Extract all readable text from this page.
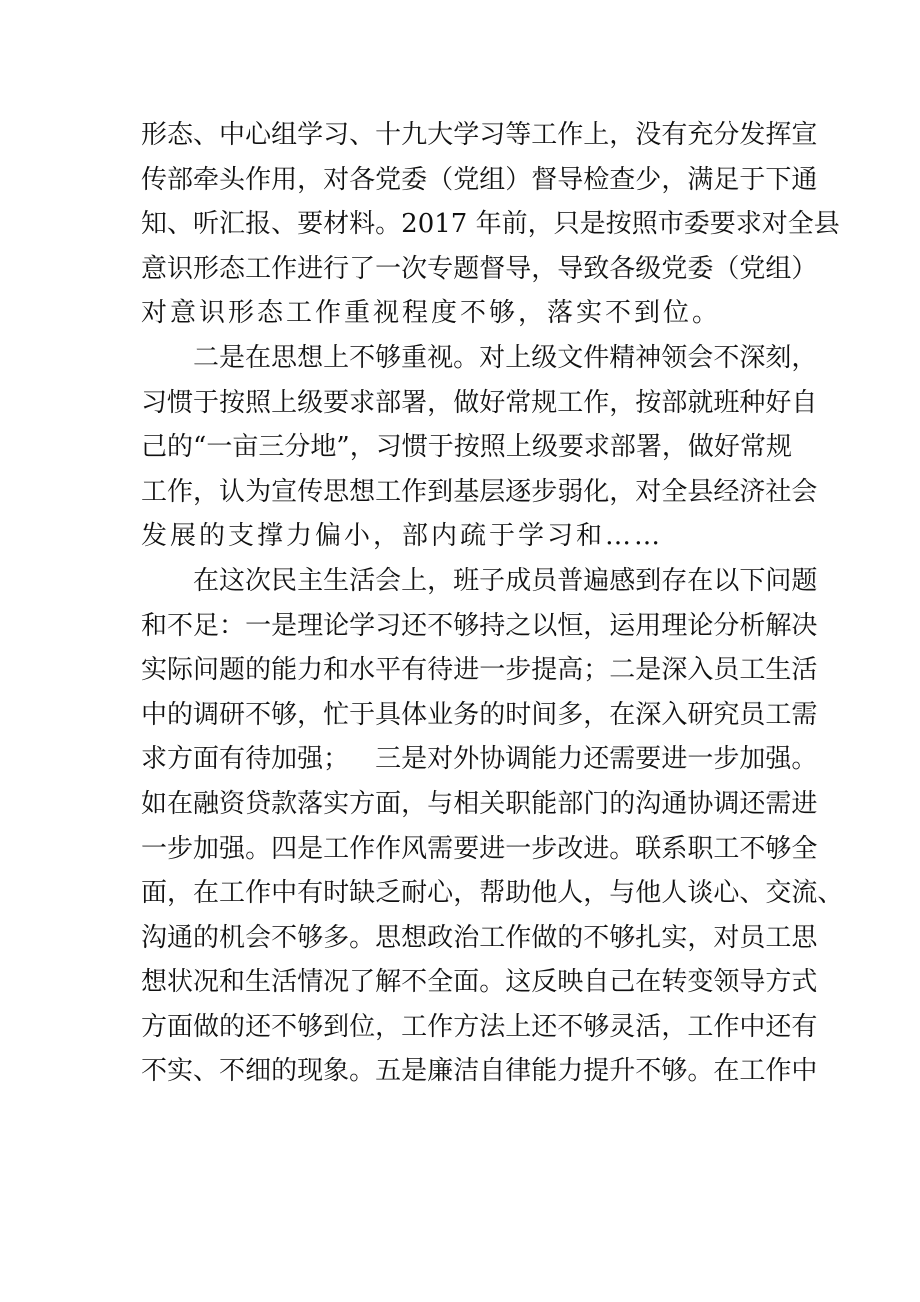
形 态 、 中 心 组 学 习 、 十 九 大 学 习 等 工 作 上 ， 没 有 充 分 发 挥 宣
传 部 牵 头 作 用 ， 对 各 党 委 （ 党 组 ） 督 导 检 查 少 ， 满 足 于 下 通
知 、 听 汇 报 、 要 材 料 。 2017
年 前 ， 只 是 按 照 市 委 要 求 对 全 县
意 识 形 态 工 作 进 行 了 一 次 专 题 督 导 ， 导 致 各 级 党 委 （ 党 组 ）
对意识形态工作重视程度不够，落实不到位。
二 是 在 思 想 上 不 够 重 视 。 对 上 级 文 件 精 神 领 会 不 深 刻 ，
习 惯 于 按 照 上 级 要 求 部 署 ， 做 好 常 规 工 作 ， 按 部 就 班 种 好 自
己 的 “ 一 亩 三 分 地 ” ， 习 惯 于 按 照 上 级 要 求 部 署 ， 做 好 常 规
工 作 ， 认 为 宣 传 思 想 工 作 到 基 层 逐 步 弱 化 ， 对 全 县 经 济 社 会
发展的支撑力偏小，部内疏于学习和……
在 这 次 民 主 生 活 会 上 ， 班 子 成 员 普 遍 感 到 存 在 以 下 问 题
和 不 足 ： 一 是 理 论 学 习 还 不 够 持 之 以 恒 ， 运 用 理 论 分 析 解 决
实 际 问 题 的 能 力 和 水 平 有 待 进 一 步 提 高 ； 二 是 深 入 员 工 生 活
中 的 调 研 不 够 ， 忙 于 具 体 业 务 的 时 间 多 ， 在 深 入 研 究 员 工 需
求 方 面 有 待 加 强 ；
　 三 是 对 外 协 调 能 力 还 需 要 进 一 步 加 强 。
如 在 融 资 贷 款 落 实 方 面 ， 与 相 关 职 能 部 门 的 沟 通 协 调 还 需 进
一 步 加 强 。 四 是 工 作 作 风 需 要 进 一 步 改 进 。 联 系 职 工 不 够 全
面 ， 在 工 作 中 有 时 缺 乏 耐 心 ， 帮 助 他 人 ， 与 他 人 谈 心 、 交 流 、
沟 通 的 机 会 不 够 多 。 思 想 政 治 工 作 做 的 不 够 扎 实 ， 对 员 工 思
想 状 况 和 生 活 情 况 了 解 不 全 面 。 这 反 映 自 己 在 转 变 领 导 方 式
方 面 做 的 还 不 够 到 位 ， 工 作 方 法 上 还 不 够 灵 活 ， 工 作 中 还 有
不 实 、 不 细 的 现 象 。 五 是 廉 洁 自 律 能 力 提 升 不 够 。 在 工 作 中
